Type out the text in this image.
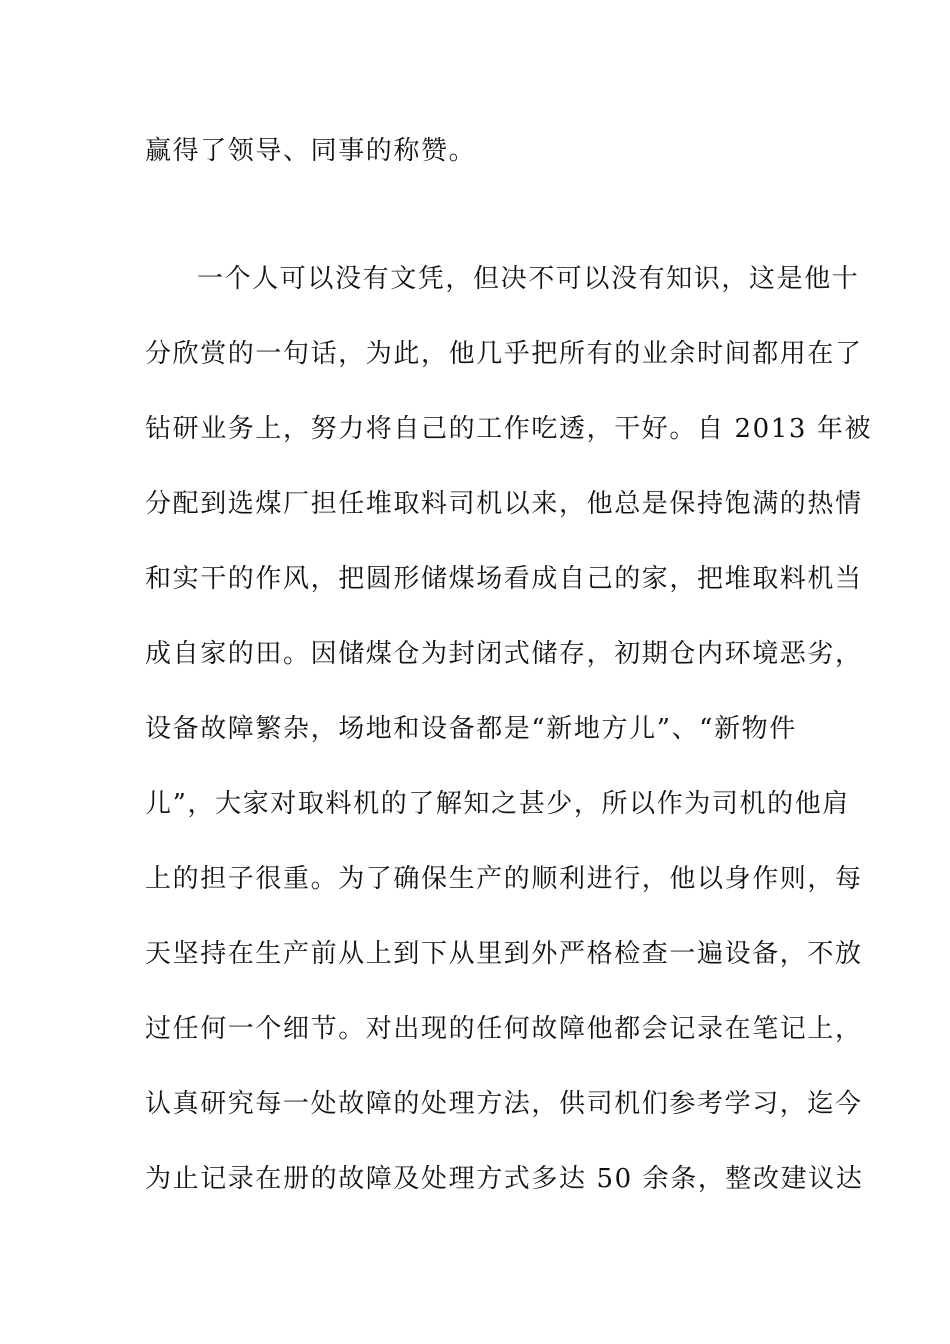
赢得了领导、同事的称赞。
一个人可以没有文凭，但决不可以没有知识，这是他十
分欣赏的一句话，为此，他几乎把所有的业余时间都用在了
钻研业务上，努力将自己的工作吃透，干好。自 2013 年被
分配到选煤厂担任堆取料司机以来，他总是保持饱满的热情
和实干的作风，把圆形储煤场看成自己的家，把堆取料机当
成自家的田。因储煤仓为封闭式储存，初期仓内环境恶劣，
设备故障繁杂，场地和设备都是“新地方儿”、“新物件
儿”，大家对取料机的了解知之甚少，所以作为司机的他肩
上的担子很重。为了确保生产的顺利进行，他以身作则，每
天坚持在生产前从上到下从里到外严格检查一遍设备，不放
过任何一个细节。对出现的任何故障他都会记录在笔记上，
认真研究每一处故障的处理方法，供司机们参考学习，迄今
为止记录在册的故障及处理方式多达 50 余条，整改建议达
